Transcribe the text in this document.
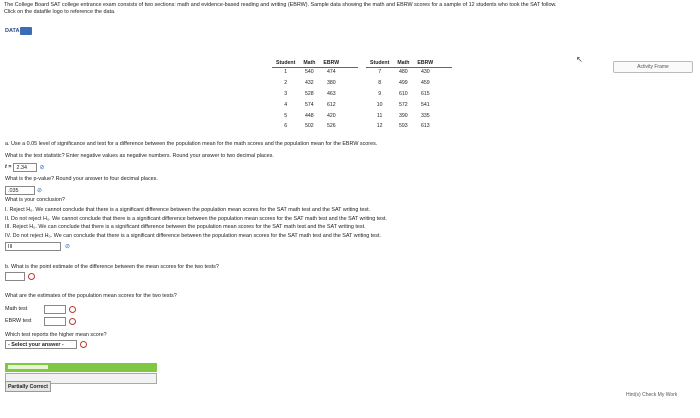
The College Board SAT college entrance exam consists of two sections: math and evidence-based reading and writing (EBRW). Sample data showing the math and EBRW scores for a sample of 12 students who took the SAT follow.
Click on the datafile logo to reference the data.
DATA
Student	Math	EBRW
1	540	474
2	432	380
3	528	463
4	574	612
5	448	420
6	502	526
Student	Math	EBRW
7	480	430
8	499	459
9	610	615
10	572	541
11	390	335
12	593	613
↖
Activity Frame
a. Use a 0.05 level of significance and test for a difference between the population mean for the math scores and the population mean for the EBRW scores.
What is the test statistic? Enter negative values as negative numbers. Round your answer to two decimal places.
t = 2.34	⊘
What is the p-value? Round your answer to four decimal places.
.035	⊘
What is your conclusion?
I. Reject H₀. We cannot conclude that there is a significant difference between the population mean scores for the SAT math test and the SAT writing test.
II. Do not reject H₀. We cannot conclude that there is a significant difference between the population mean scores for the SAT math test and the SAT writing test.
III. Reject H₀. We can conclude that there is a significant difference between the population mean scores for the SAT math test and the SAT writing test.
IV. Do not reject H₀. We can conclude that there is a significant difference between the population mean scores for the SAT math test and the SAT writing test.
III	⊘
b. What is the point estimate of the difference between the mean scores for the two tests?
What are the estimates of the population mean scores for the two tests?
Math test
EBRW test
Which test reports the higher mean score?
- Select your answer -
Partially Correct
Hint(s) Check My Work
